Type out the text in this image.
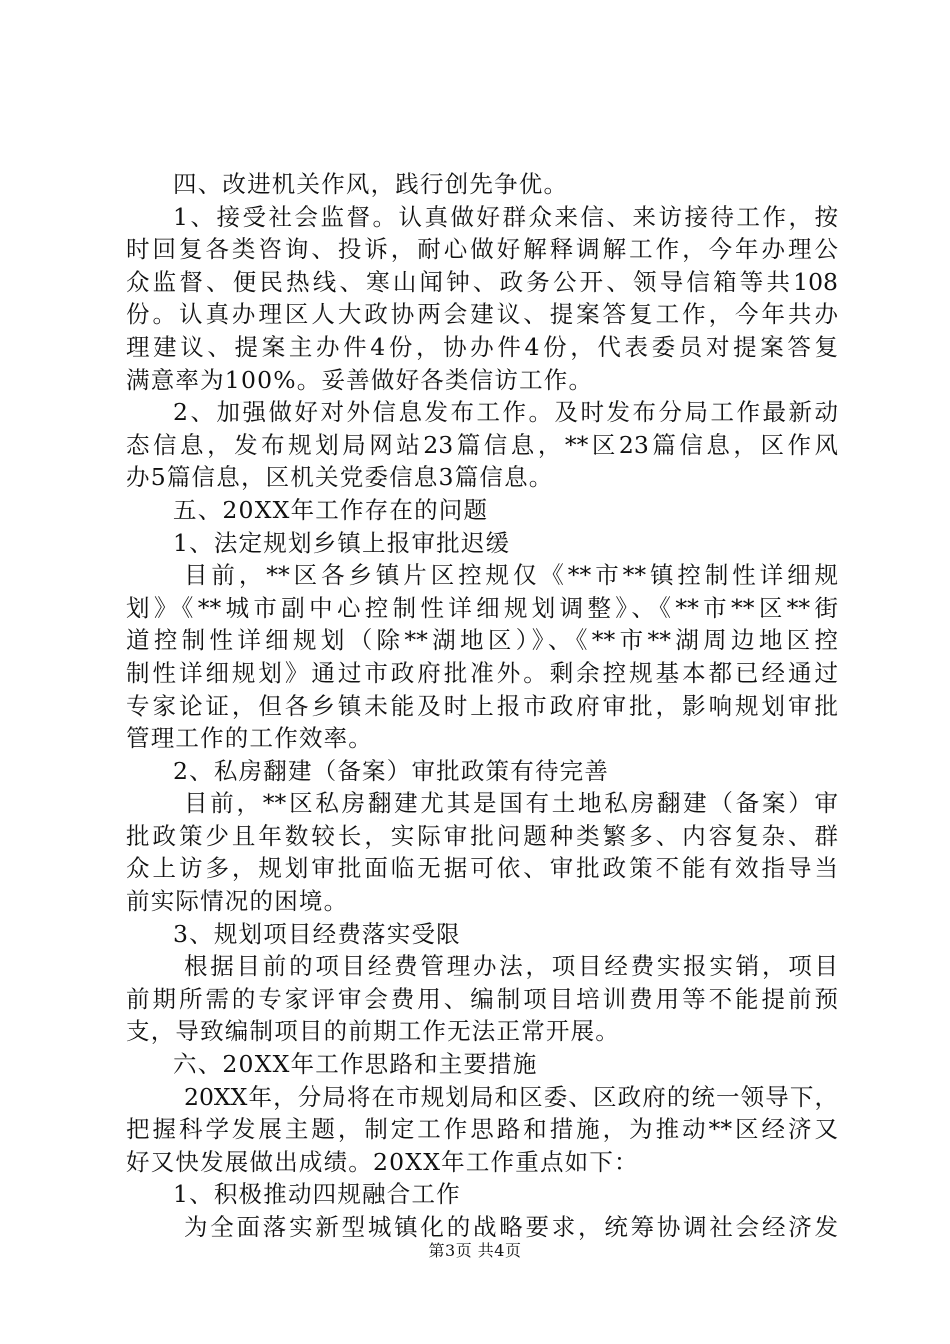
四、改进机关作风，践行创先争优。
1、接受社会监督。认真做好群众来信、来访接待工作，按
时回复各类咨询、投诉，耐心做好解释调解工作，今年办理公
众监督、便民热线、寒山闻钟、政务公开、领导信箱等共108
份。认真办理区人大政协两会建议、提案答复工作，今年共办
理建议、提案主办件4份，协办件4份，代表委员对提案答复
满意率为100%。妥善做好各类信访工作。
2、加强做好对外信息发布工作。及时发布分局工作最新动
态信息，发布规划局网站23篇信息，**区23篇信息，区作风
办5篇信息，区机关党委信息3篇信息。
五、20XX年工作存在的问题
1、法定规划乡镇上报审批迟缓
目前，**区各乡镇片区控规仅《**市**镇控制性详细规
划》《**城市副中心控制性详细规划调整》、《**市**区**街
道控制性详细规划（除**湖地区）》、《**市**湖周边地区控
制性详细规划》通过市政府批准外。剩余控规基本都已经通过
专家论证，但各乡镇未能及时上报市政府审批，影响规划审批
管理工作的工作效率。
2、私房翻建（备案）审批政策有待完善
目前，**区私房翻建尤其是国有土地私房翻建（备案）审
批政策少且年数较长，实际审批问题种类繁多、内容复杂、群
众上访多，规划审批面临无据可依、审批政策不能有效指导当
前实际情况的困境。
3、规划项目经费落实受限
根据目前的项目经费管理办法，项目经费实报实销，项目
前期所需的专家评审会费用、编制项目培训费用等不能提前预
支，导致编制项目的前期工作无法正常开展。
六、20XX年工作思路和主要措施
20XX年，分局将在市规划局和区委、区政府的统一领导下，
把握科学发展主题，制定工作思路和措施，为推动**区经济又
好又快发展做出成绩。20XX年工作重点如下：
1、积极推动四规融合工作
为全面落实新型城镇化的战略要求，统筹协调社会经济发
第3页 共4页
